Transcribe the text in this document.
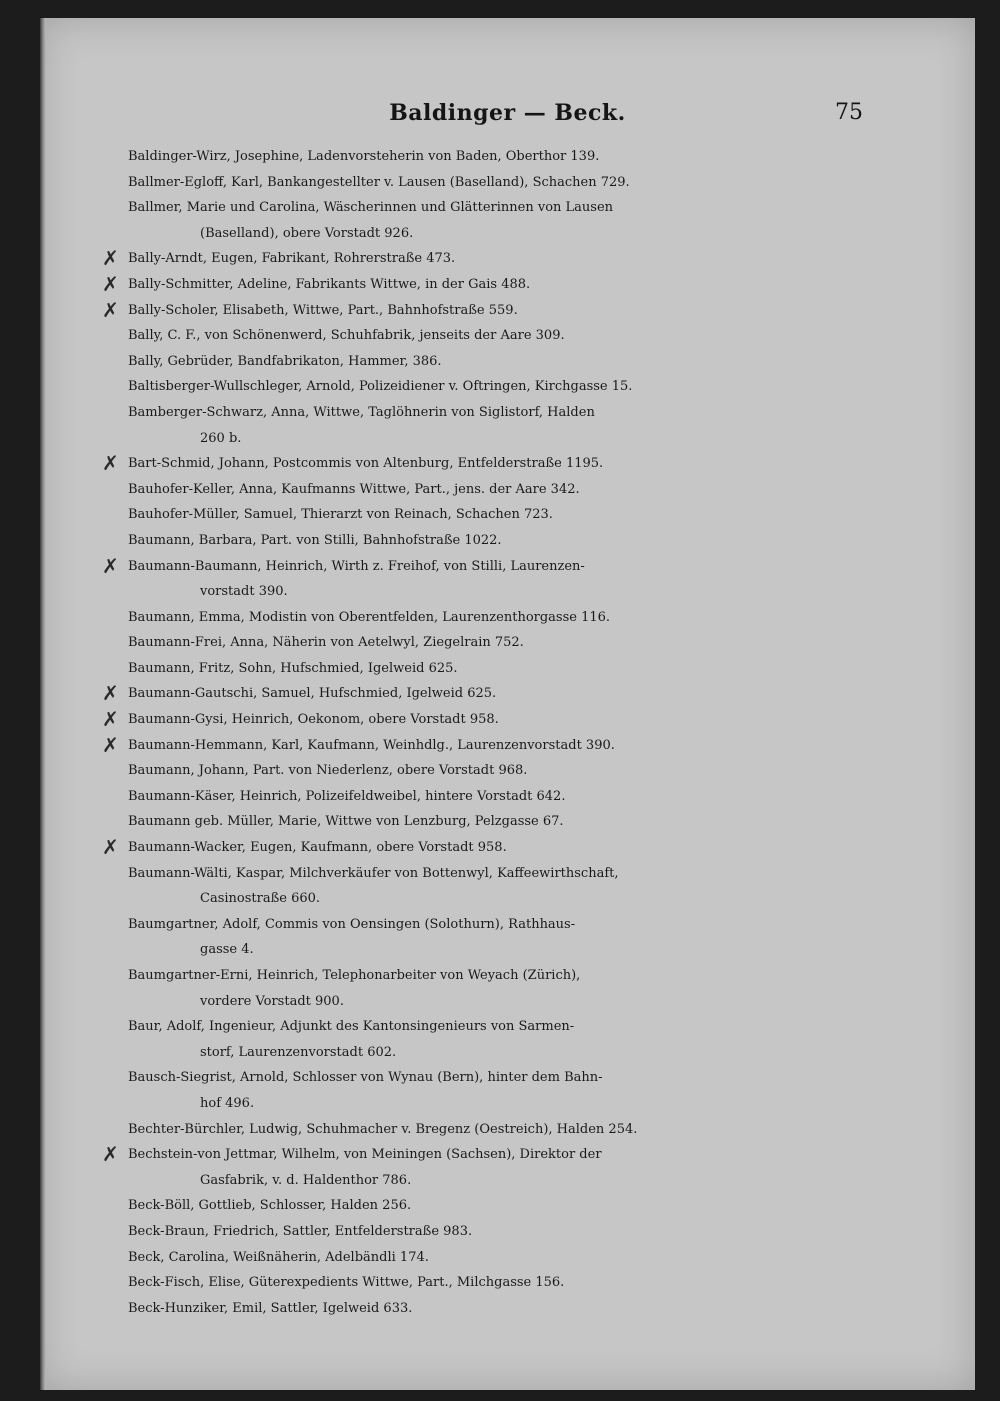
Baldinger — Beck.	75
Baldinger-Wirz, Josephine, Ladenvorsteherin von Baden, Oberthor 139.
Ballmer-Egloff, Karl, Bankangestellter v. Lausen (Baselland), Schachen 729.
Ballmer, Marie und Carolina, Wäscherinnen und Glätterinnen von Lausen
(Baselland), obere Vorstadt 926.
✗ Bally-Arndt, Eugen, Fabrikant, Rohrerstraße 473.
✗ Bally-Schmitter, Adeline, Fabrikants Wittwe, in der Gais 488.
✗ Bally-Scholer, Elisabeth, Wittwe, Part., Bahnhofstraße 559.
Bally, C. F., von Schönenwerd, Schuhfabrik, jenseits der Aare 309.
Bally, Gebrüder, Bandfabrikaton, Hammer, 386.
Baltisberger-Wullschleger, Arnold, Polizeidiener v. Oftringen, Kirchgasse 15.
Bamberger-Schwarz, Anna, Wittwe, Taglöhnerin von Siglistorf, Halden
260 b.
✗ Bart-Schmid, Johann, Postcommis von Altenburg, Entfelderstraße 1195.
Bauhofer-Keller, Anna, Kaufmanns Wittwe, Part., jens. der Aare 342.
Bauhofer-Müller, Samuel, Thierarzt von Reinach, Schachen 723.
Baumann, Barbara, Part. von Stilli, Bahnhofstraße 1022.
✗ Baumann-Baumann, Heinrich, Wirth z. Freihof, von Stilli, Laurenzen-
vorstadt 390.
Baumann, Emma, Modistin von Oberentfelden, Laurenzenthorgasse 116.
Baumann-Frei, Anna, Näherin von Aetelwyl, Ziegelrain 752.
Baumann, Fritz, Sohn, Hufschmied, Igelweid 625.
✗ Baumann-Gautschi, Samuel, Hufschmied, Igelweid 625.
✗ Baumann-Gysi, Heinrich, Oekonom, obere Vorstadt 958.
✗ Baumann-Hemmann, Karl, Kaufmann, Weinhdlg., Laurenzenvorstadt 390.
Baumann, Johann, Part. von Niederlenz, obere Vorstadt 968.
Baumann-Käser, Heinrich, Polizeifeldweibel, hintere Vorstadt 642.
Baumann geb. Müller, Marie, Wittwe von Lenzburg, Pelzgasse 67.
✗ Baumann-Wacker, Eugen, Kaufmann, obere Vorstadt 958.
Baumann-Wälti, Kaspar, Milchverkäufer von Bottenwyl, Kaffeewirthschaft,
Casinostraße 660.
Baumgartner, Adolf, Commis von Oensingen (Solothurn), Rathhaus-
gasse 4.
Baumgartner-Erni, Heinrich, Telephonarbeiter von Weyach (Zürich),
vordere Vorstadt 900.
Baur, Adolf, Ingenieur, Adjunkt des Kantonsingenieurs von Sarmen-
storf, Laurenzenvorstadt 602.
Bausch-Siegrist, Arnold, Schlosser von Wynau (Bern), hinter dem Bahn-
hof 496.
Bechter-Bürchler, Ludwig, Schuhmacher v. Bregenz (Oestreich), Halden 254.
✗ Bechstein-von Jettmar, Wilhelm, von Meiningen (Sachsen), Direktor der
Gasfabrik, v. d. Haldenthor 786.
Beck-Böll, Gottlieb, Schlosser, Halden 256.
Beck-Braun, Friedrich, Sattler, Entfelderstraße 983.
Beck, Carolina, Weißnäherin, Adelbändli 174.
Beck-Fisch, Elise, Güterexpedients Wittwe, Part., Milchgasse 156.
Beck-Hunziker, Emil, Sattler, Igelweid 633.
